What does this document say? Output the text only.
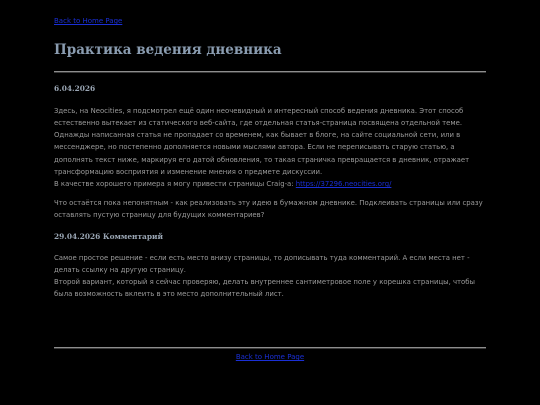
Back to Home Page
Практика ведения дневника
6.04.2026

Здесь, на Neocities, я подсмотрел ещё один неочевидный и интересный способ ведения дневника. Этот способ естественно вытекает из статического веб-сайта, где отдельная статья-страница посвящена отдельной теме. Однажды написанная статья не пропадает со временем, как бывает в блоге, на сайте социальной сети, или в мессенджере, но постепенно дополняется новыми мыслями автора. Если не переписывать старую статью, а дополнять текст ниже, маркируя его датой обновления, то такая страничка превращается в дневник, отражает трансформацию восприятия и изменение мнения о предмете дискуссии.
В качестве хорошего примера я могу привести страницы Craig-a: https://37296.neocities.org/

Что остаётся пока непонятным - как реализовать эту идею в бумажном дневнике. Подклеивать страницы или сразу оставлять пустую страницу для будущих комментариев?

29.04.2026 Комментарий

Самое простое решение - если есть место внизу страницы, то дописывать туда комментарий. А если места нет - делать ссылку на другую страницу.
Второй вариант, который я сейчас проверяю, делать внутреннее сантиметровое поле у корешка страницы, чтобы была возможность вклеить в это место дополнительный лист.

Back to Home Page
